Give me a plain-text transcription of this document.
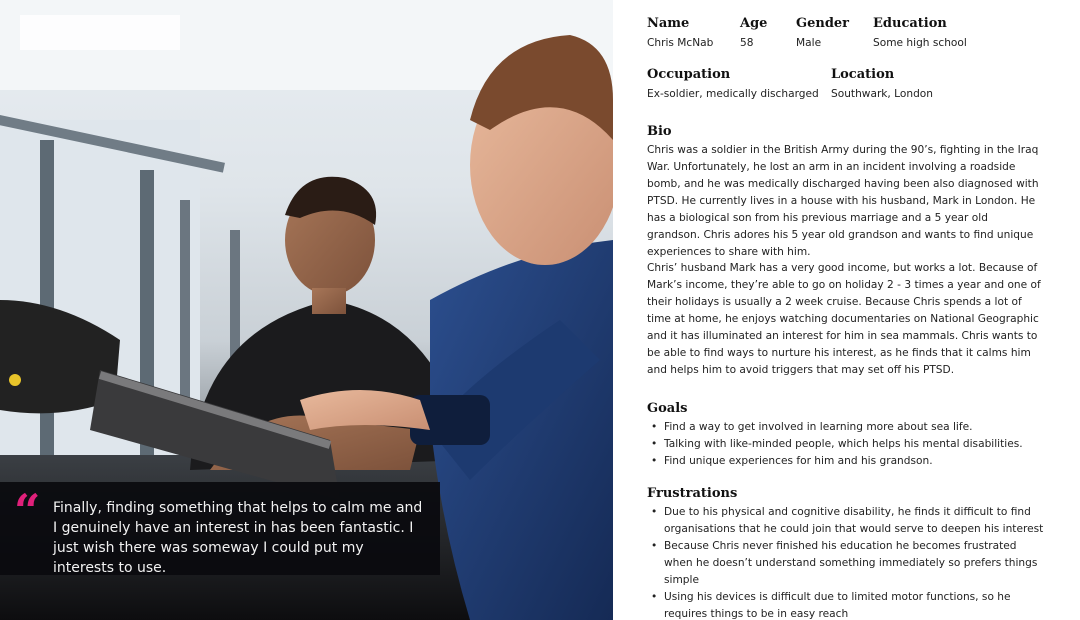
“ Finally, finding something that helps to calm me and I genuinely have an interest in has been fantastic. I just wish there was someway I could put my interests to use.

Name
Chris McNab
Age
58
Gender
Male
Education
Some high school
Occupation
Ex-soldier, medically discharged
Location
Southwark, London
Bio

Chris was a soldier in the British Army during the 90’s, fighting in the Iraq War. Unfortunately, he lost an arm in an incident involving a roadside bomb, and he was medically discharged having been also diagnosed with PTSD. He currently lives in a house with his husband, Mark in London. He has a biological son from his previous marriage and a 5 year old grandson. Chris adores his 5 year old grandson and wants to find unique experiences to share with him.

Chris’ husband Mark has a very good income, but works a lot. Because of Mark’s income, they’re able to go on holiday 2 - 3 times a year and one of their holidays is usually a 2 week cruise. Because Chris spends a lot of time at home, he enjoys watching documentaries on National Geographic and it has illuminated an interest for him in sea mammals. Chris wants to be able to find ways to nurture his interest, as he finds that it calms him and helps him to avoid triggers that may set off his PTSD.

Goals
• Find a way to get involved in learning more about sea life.
• Talking with like-minded people, which helps his mental disabilities.
• Find unique experiences for him and his grandson.
Frustrations
• Due to his physical and cognitive disability, he finds it difficult to find organisations that he could join that would serve to deepen his interest
• Because Chris never finished his education he becomes frustrated when he doesn’t understand something immediately so prefers things simple
• Using his devices is difficult due to limited motor functions, so he requires things to be in easy reach
